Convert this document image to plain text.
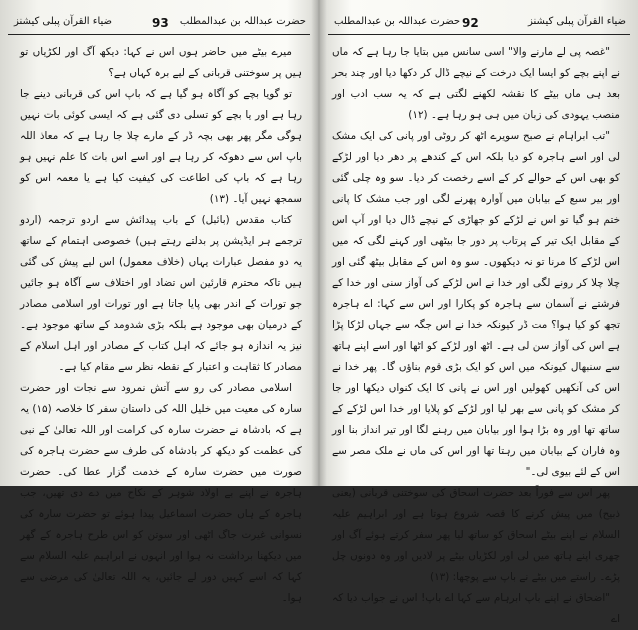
حضرت عبداللہ بن عبدالمطلب
93
ضیاء القرآن پبلی کیشنز

میرے بیٹے میں حاضر ہوں اس نے کہا: دیکھ آگ اور لکڑیاں تو ہیں پر سوختنی قربانی کے لیے برہ کہاں ہے؟

تو گویا بچے کو آگاہ ہو گیا ہے کہ باپ اس کی قربانی دینے جا رہا ہے اور یا بچے کو تسلی دی گئی ہے کہ ایسی کوئی بات نہیں ہوگی مگر پھر بھی بچہ ڈر کے مارے چلا جا رہا ہے کہ معاذ اللہ باپ اس سے دھوکہ کر رہا ہے اور اسے اس بات کا علم نہیں ہو رہا ہے کہ باپ کی اطاعت کی کیفیت کیا ہے یا معمہ اس کو سمجھ نہیں آیا۔ (۱۳)

کتاب مقدس (بائبل) کے باب پیدائش سے اردو ترجمہ (اردو ترجمے ہر ایڈیشن پر بدلتے رہتے ہیں) خصوصی اہتمام کے ساتھ یہ دو مفصل عبارات یہاں (خلاف معمول) اس لیے پیش کی گئی ہیں تاکہ محترم قارئین اس تضاد اور اختلاف سے آگاہ ہو جائیں جو تورات کے اندر بھی پایا جاتا ہے اور تورات اور اسلامی مصادر کے درمیان بھی موجود ہے بلکہ بڑی شدومد کے ساتھ موجود ہے۔ نیز یہ اندازہ ہو جائے کہ اہل کتاب کے مصادر اور اہل اسلام کے مصادر کا ثقاہت و اعتبار کے نقطہ نظر سے مقام کیا ہے۔

اسلامی مصادر کی رو سے آتش نمرود سے نجات اور حضرت سارہ کی معیت میں خلیل اللہ کی داستان سفر کا خلاصہ (۱۵) یہ ہے کہ بادشاہ نے حضرت سارہ کی کرامت اور اللہ تعالیٰ کے نبی کی عظمت کو دیکھ کر بادشاہ کی طرف سے حضرت ہاجرہ کی صورت میں حضرت سارہ کے خدمت گزار عطا کی۔ حضرت ہاجرہ نے اپنے بے اولاد شوہر کے نکاح میں دے دی تھیں، جب ہاجرہ کے ہاں حضرت اسماعیل پیدا ہوئے تو حضرت سارہ کی نسوانی غیرت جاگ اٹھی اور سوتن کو اس طرح ہاجرہ کے گھر میں دیکھنا برداشت نہ ہوا اور انہوں نے ابراہیم علیہ السلام سے کہا کہ اسے کہیں دور لے جائیں، یہ اللہ تعالیٰ کی مرضی سے ہوا۔

ضیاء القرآن پبلی کیشنز
92
حضرت عبداللہ بن عبدالمطلب

"غصہ پی لے مارنے والا" اسی سانس میں بتایا جا رہا ہے کہ ماں نے اپنے بچے کو ایسا ایک درخت کے نیچے ڈال کر دکھا دیا اور چند بحر بعد ہی ماں بیٹے کا نقشہ لکھنے لگتی ہے کہ یہ سب ادب اور منصب یہودی کی زبان میں ہی ہو رہا ہے۔ (۱۲)

"تب ابراہام نے صبح سویرے اٹھ کر روٹی اور پانی کی ایک مشک لی اور اسے ہاجرہ کو دیا بلکہ اس کے کندھے پر دھر دیا اور لڑکے کو بھی اس کے حوالے کر کے اسے رخصت کر دیا۔ سو وہ چلی گئی اور بیر سبع کے بیابان میں آوارہ پھرنے لگی اور جب مشک کا پانی ختم ہو گیا تو اس نے لڑکے کو جھاڑی کے نیچے ڈال دیا اور آپ اس کے مقابل ایک تیر کے پرتاب پر دور جا بیٹھی اور کہنے لگی کہ میں اس لڑکے کا مرنا تو نہ دیکھوں۔ سو وہ اس کے مقابل بیٹھ گئی اور چلا چلا کر رونے لگی اور خدا نے اس لڑکے کی آواز سنی اور خدا کے فرشتے نے آسمان سے ہاجرہ کو پکارا اور اس سے کہا: اے ہاجرہ تجھ کو کیا ہوا؟ مت ڈر کیونکہ خدا نے اس جگہ سے جہاں لڑکا پڑا ہے اس کی آواز سن لی ہے۔ اٹھ اور لڑکے کو اٹھا اور اسے اپنے ہاتھ سے سنبھال کیونکہ میں اس کو ایک بڑی قوم بناؤں گا۔ پھر خدا نے اس کی آنکھیں کھولیں اور اس نے پانی کا ایک کنواں دیکھا اور جا کر مشک کو پانی سے بھر لیا اور لڑکے کو پلایا اور خدا اس لڑکے کے ساتھ تھا اور وہ بڑا ہوا اور بیابان میں رہنے لگا اور تیر انداز بنا اور وہ فاران کے بیابان میں رہتا تھا اور اس کی ماں نے ملک مصر سے اس کے لئے بیوی لی۔"

پھر اس سے فوراً بعد حضرت اسحاق کی سوختنی قربانی (یعنی ذبیح) میں پیش کرنے کا قصہ شروع ہوتا ہے اور ابراہیم علیہ السلام نے اپنے بیٹے اسحاق کو ساتھ لیا پھر سفر کرتے ہوئے آگ اور چھری اپنے ہاتھ میں لی اور لکڑیاں بیٹے پر لادیں اور وہ دونوں چل پڑے۔ راستے میں بیٹے نے باپ سے پوچھا: (۱۳)

"اضحاق نے اپنے باپ ابرہام سے کہا اے باپ! اس نے جواب دیا کہ اے
